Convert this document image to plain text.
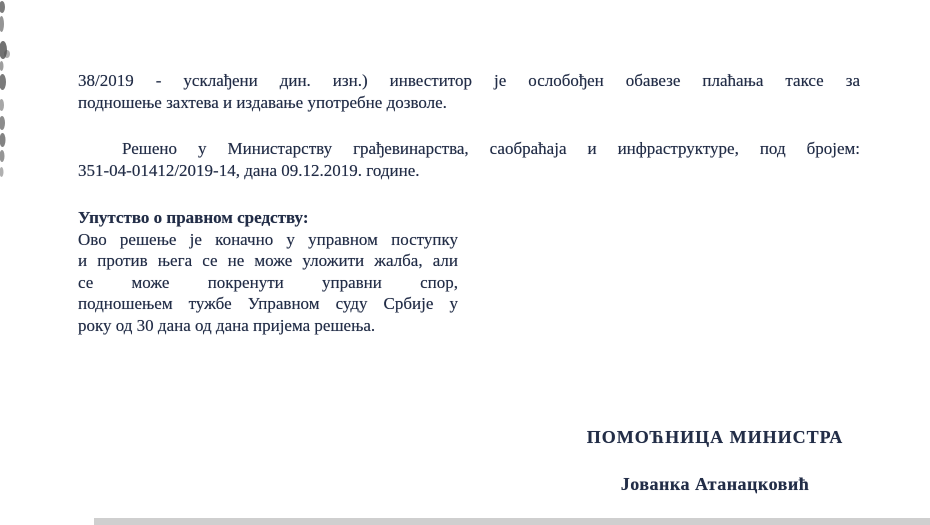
38/2019 - усклађени дин. изн.) инвеститор је ослобођен обавезе плаћања таксе за
подношење захтева и издавање употребне дозволе.
Решено у Министарству грађевинарства, саобраћаја и инфраструктуре, под бројем:
351-04-01412/2019-14, дана 09.12.2019. године.
Упутство о правном средству:
Ово решење је коначно у управном поступку
и против њега се не може уложити жалба, али
се може покренути управни спор,
подношењем тужбе Управном суду Србије у
року од 30 дана од дана пријема решења.
ПОМОЋНИЦА МИНИСТРА
Јованка Атанацковић
